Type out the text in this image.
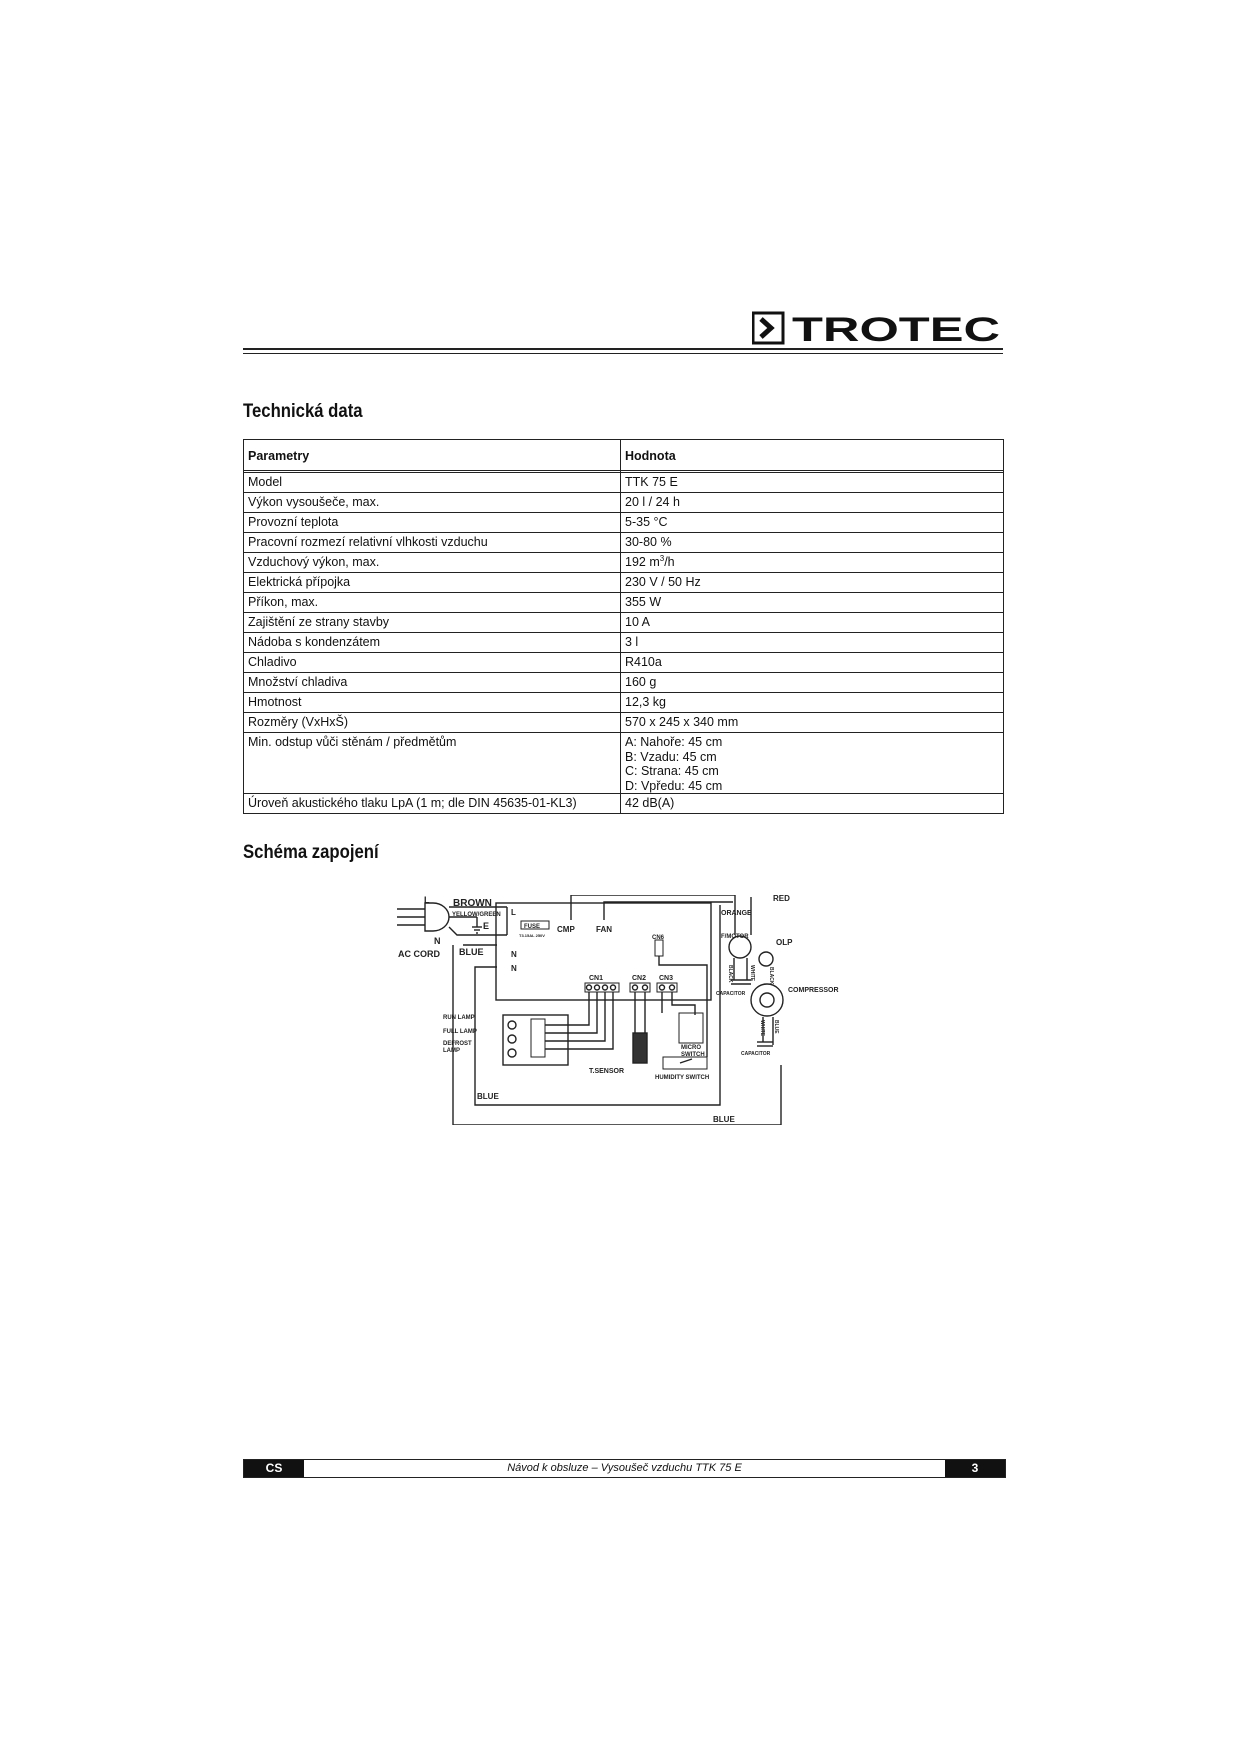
TROTEC
Technická data
Parametry	Hodnota

Model	TTK 75 E
Výkon vysoušeče, max.	20 l / 24 h
Provozní teplota	5-35 °C
Pracovní rozmezí relativní vlhkosti vzduchu	30-80 %
Vzduchový výkon, max.	192 $m^3/h$
Elektrická přípojka	230 V / 50 Hz
Příkon, max.	355 W
Zajištění ze strany stavby	10 A
Nádoba s kondenzátem	3 l
Chladivo	R410a
Množství chladiva	160 g
Hmotnost	12,3 kg
Rozměry (VxHxŠ)	570 x 245 x 340 mm
Min. odstup vůči stěnám / předmětům	A: Nahoře: 45 cm
B: Vzadu: 45 cm
C: Strana: 45 cm
D: Vpředu: 45 cm

Úroveň akustického tlaku LpA (1 m; dle DIN 45635-01-KL3)	42 dB(A)
Schéma zapojení
L BROWN
YELLOW/GREEN
E
N
AC CORD BLUE
L
FUSE
T3.15AL 250V
CMP	FAN
N
N
CN6
CN1	CN2 CN3
ORANGE
RED
F/MOTOR
OLP
CAPACITOR	COMPRESSOR
CAPACITOR
RUN LAMP
FULL LAMP
DEFROST
LAMP
T.SENSOR
MICRO
SWITCH
HUMIDITY SWITCH
BLUE
BLUE
BLACK	WHITE	BLACK
WHITE BLUE
CS	Návod k obsluze – Vysoušeč vzduchu TTK 75 E	3
